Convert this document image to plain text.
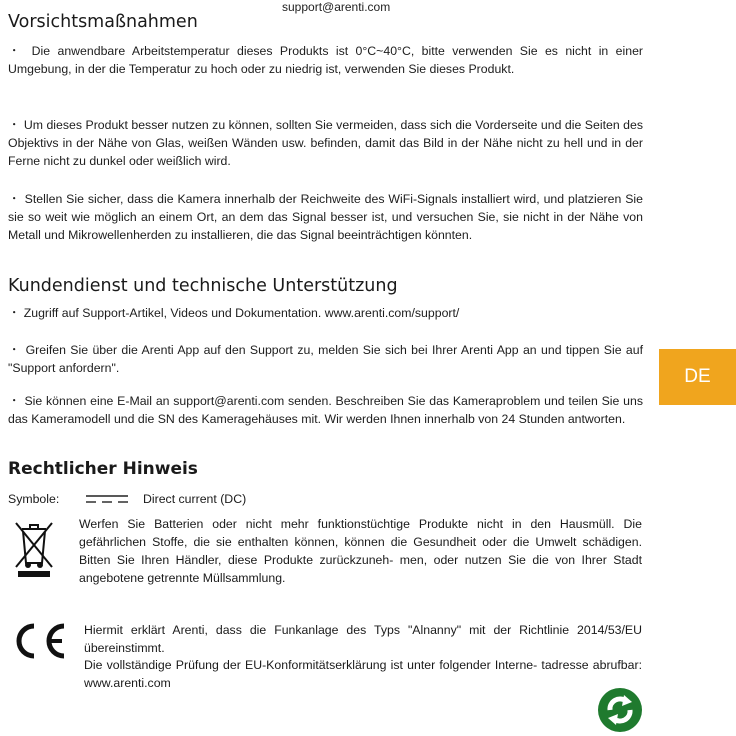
support@arenti.com
Vorsichtsmaßnahmen
・ Die anwendbare Arbeitstemperatur dieses Produkts ist 0°C~40°C, bitte verwenden Sie es nicht in einer Umgebung, in der die Temperatur zu hoch oder zu niedrig ist, verwenden Sie dieses Produkt.
・ Um dieses Produkt besser nutzen zu können, sollten Sie vermeiden, dass sich die Vorderseite und die Seiten des Objektivs in der Nähe von Glas, weißen Wänden usw. befinden, damit das Bild in der Nähe nicht zu hell und in der Ferne nicht zu dunkel oder weißlich wird.
・ Stellen Sie sicher, dass die Kamera innerhalb der Reichweite des WiFi-Signals installiert wird, und platzieren Sie sie so weit wie möglich an einem Ort, an dem das Signal besser ist, und versuchen Sie, sie nicht in der Nähe von Metall und Mikrowellenherden zu installieren, die das Signal beeinträchtigen könnten.
Kundendienst und technische Unterstützung
・ Zugriff auf Support-Artikel, Videos und Dokumentation. www.arenti.com/support/
・ Greifen Sie über die Arenti App auf den Support zu, melden Sie sich bei Ihrer Arenti App an und tippen Sie auf "Support anfordern".
・ Sie können eine E-Mail an support@arenti.com senden. Beschreiben Sie das Kameraproblem und teilen Sie uns das Kameramodell und die SN des Kameragehäuses mit. Wir werden Ihnen innerhalb von 24 Stunden antworten.
Rechtlicher Hinweis
Symbole:	Direct current (DC)
Werfen Sie Batterien oder nicht mehr funktionstüchtige Produkte nicht in den Hausmüll. Die gefährlichen Stoffe, die sie enthalten können, können die Gesundheit oder die Umwelt schädigen. Bitten Sie Ihren Händler, diese Produkte zurückzuneh- men, oder nutzen Sie die von Ihrer Stadt angebotene getrennte Müllsammlung.
Hiermit erklärt Arenti, dass die Funkanlage des Typs "Alnanny" mit der Richtlinie 2014/53/EU übereinstimmt.
Die vollständige Prüfung der EU-Konformitätserklärung ist unter folgender Interne- tadresse abrufbar: www.arenti.com
DE
